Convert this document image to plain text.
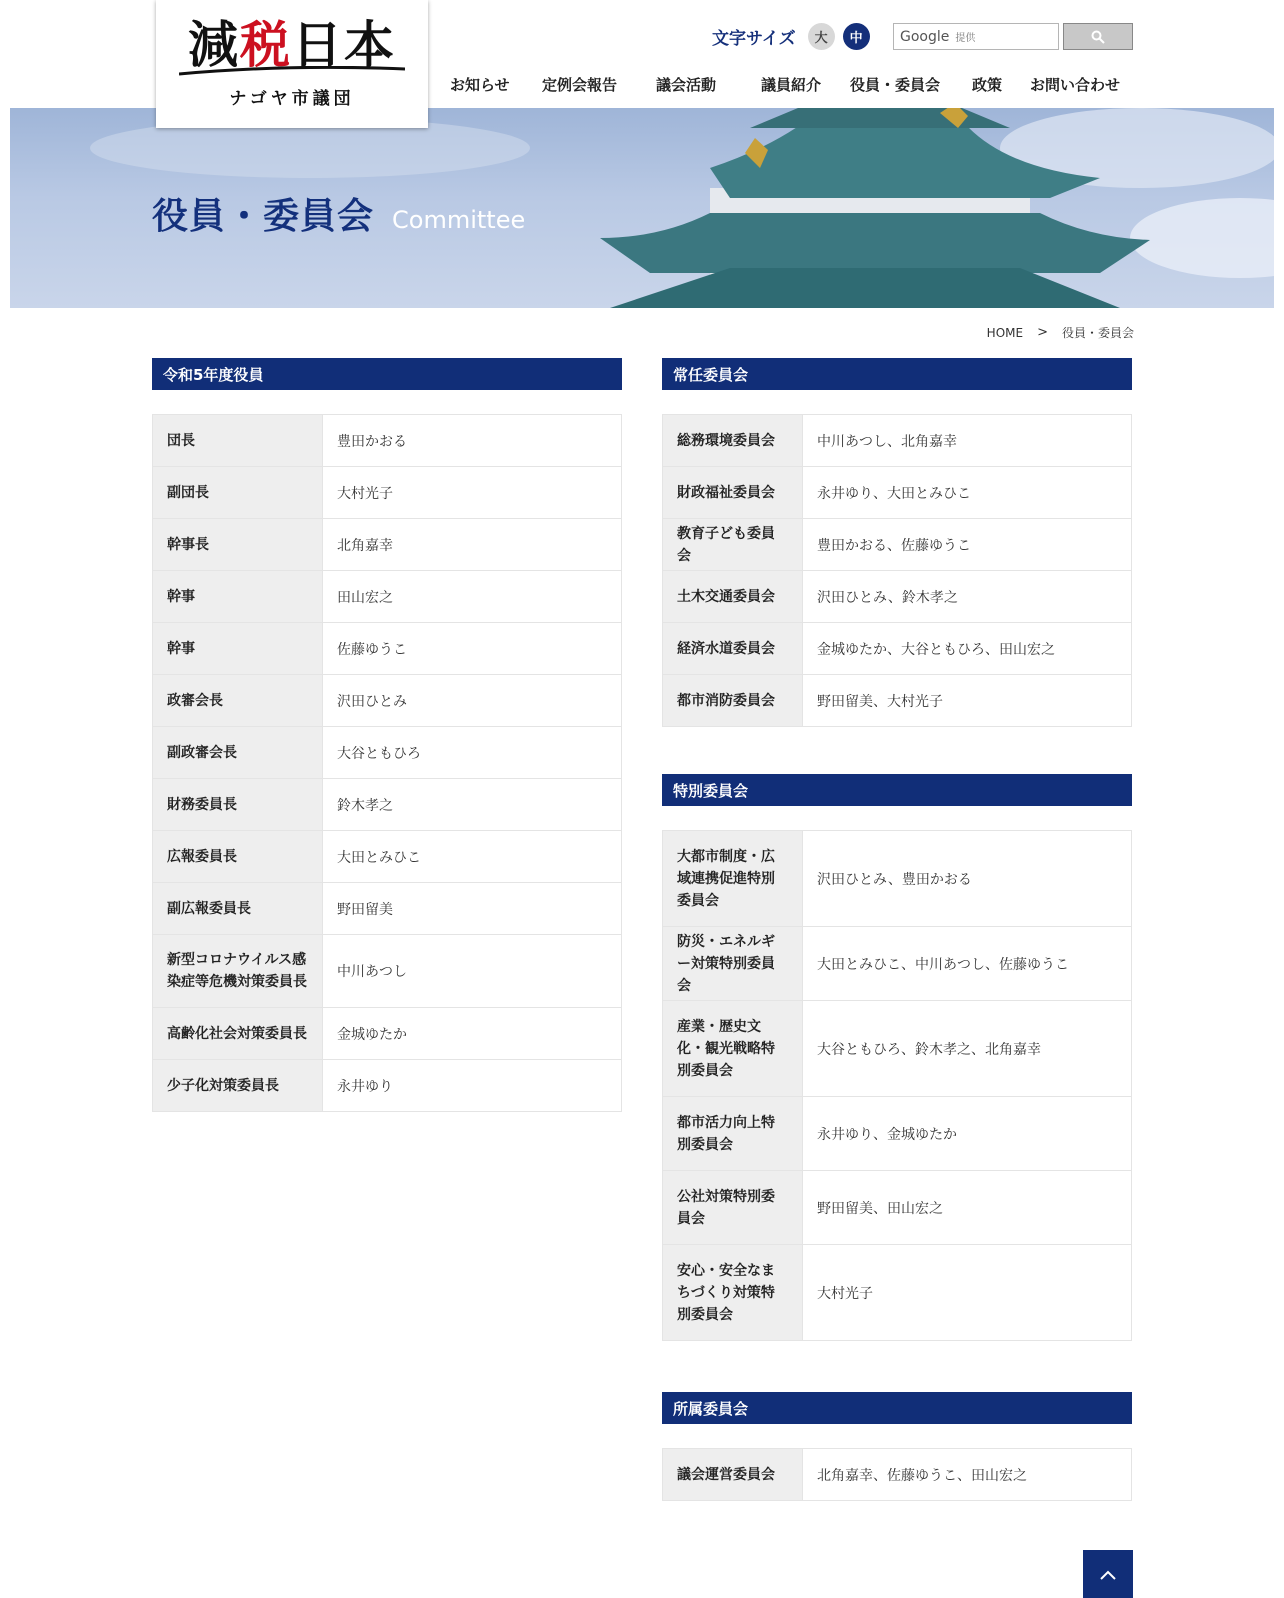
減税日本
ナゴヤ市議団
文字サイズ	大	中	Google 提供
お知らせ 定例会報告	議会活動	議員紹介 役員・委員会 政策 お問い合わせ
役員・委員会 Committee
HOME > 役員・委員会
令和5年度役員
団長	豊田かおる
副団長	大村光子
幹事長	北角嘉幸
幹事	田山宏之
幹事	佐藤ゆうこ
政審会長	沢田ひとみ
副政審会長	大谷ともひろ
財務委員長	鈴木孝之
広報委員長	大田とみひこ
副広報委員長	野田留美
新型コロナウイルス感染症等危機対策委員長	中川あつし
高齢化社会対策委員長	金城ゆたか
少子化対策委員長	永井ゆり
常任委員会
総務環境委員会	中川あつし、北角嘉幸
財政福祉委員会	永井ゆり、大田とみひこ
教育子ども委員会	豊田かおる、佐藤ゆうこ
土木交通委員会	沢田ひとみ、鈴木孝之
経済水道委員会	金城ゆたか、大谷ともひろ、田山宏之
都市消防委員会	野田留美、大村光子
特別委員会
大都市制度・広域連携促進特別委員会	沢田ひとみ、豊田かおる
防災・エネルギー対策特別委員会	大田とみひこ、中川あつし、佐藤ゆうこ
産業・歴史文化・観光戦略特別委員会	大谷ともひろ、鈴木孝之、北角嘉幸
都市活力向上特別委員会	永井ゆり、金城ゆたか
公社対策特別委員会	野田留美、田山宏之
安心・安全なまちづくり対策特別委員会	大村光子
所属委員会
議会運営委員会	北角嘉幸、佐藤ゆうこ、田山宏之
